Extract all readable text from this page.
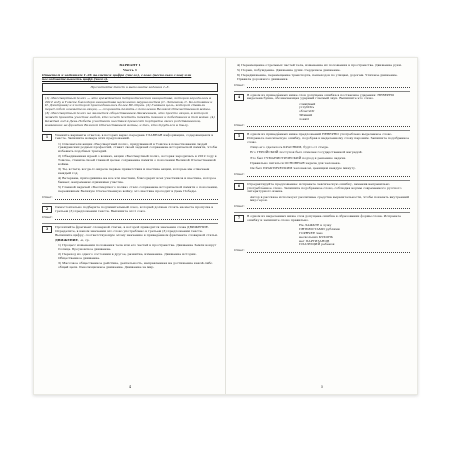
ВАРИАНТ 1

Часть 1

Ответом к заданиям 1–26 является цифра (число), слово (несколько слов) или последовательность цифр (чисел).

Прочитайте текст и выполните задания 1–3.

(1) «Бессмертный полк» — это гражданская патриотическая инициатива, которая зародилась в 2012 году в Томске благодаря инициативе нескольких журналистов (С. Лапенков, С. Колотовкин и И. Дмитриев) и к которой присоединились более 80 стран. (2) Главная цель, которой ставили перед собой основатели акции, — сохранить память о поколении Великой Отечественной войны. (3) «Бессмертный полк» не является общественным движением, это просто акция, в которой может принять участие любой, кто хочет почтить память павших и победивших в той войне. (4) Каждый год в День Победы участники шествия проносят портреты своих родственников, воевавших на фронтах Великой Отечественной войны, и тех, кто трудился в тылу.

1	Укажите варианты ответов, в которых верно передана ГЛАВНАЯ информация, содержащаяся в тексте. Запишите номера этих предложений.

1) Основатели акции «Бессмертный полк», придуманной в Томске в повествовании людей гражданских родных профессий, ставят своей задачей сохранение исторической памяти, чтобы избежать подобных трагедий.

2) Объединенная идеей о воинах, акция «Бессмертный полк», которая зародилась в 2012 году в Томске, ставила своей главной целью сохранение памяти о поколении Великой Отечественной войны.

3) Ты, кстати, когда-то видела первые приветствия и шествие акции, которые мы отмечаем каждый год.

4) Ветераны, приходившие на все эти шествия, благодарят всех участников и шествие, которое бывает, непременно принимая участие.

5) Главной задачей «Бессмертного полка» стало сохранение исторической памяти о поколении, пережившем Великую Отечественную войну; это шествие проходит в День Победы.

Ответ:
2	Самостоятельно подберите подчинительный союз, который должен стоять на месте пропуска в третьем (3) предложении текста. Выпишите этот союз.

Ответ:
3	Прочитайте фрагмент словарной статьи, в которой приводятся значения слова ДВИЖЕНИЕ. Определите, в каком значении это слово употреблено в третьем (3) предложении текста. Выпишите цифру, соответствующую этому значению в приведённом фрагменте словарной статьи.

ДВИЖЕНИЕ, -я, ср.

1) Процесс изменения положения тела или его частей в пространстве. Движение Земли вокруг Солнца. Броуновское движение.

2) Переход из одного состояния в другое, развитие, изменение. Движение истории. Общественное движение.

3) Массовое общественное действие, деятельность, направленная на достижение какой-либо общей цели. Революционное движение. Движение за мир.

4

4) Перемещение отдельных частей тела, изменение их положения в пространстве. Движение руки.

5) Порыв, побуждение. Движение души. Сердечное движение.

6) Передвижение, перемещение транспорта, пешеходов по улицам, дорогам. Уличное движение. Правила дорожного движения.

Ответ:
4	В одном из приведённых ниже слов допущена ошибка в постановке ударения: НЕВЕРНО выделена буква, обозначающая ударный гласный звук. Выпишите это слово.

сливОвый
углубИть
облегчИт
ЗИмний
ловкО
Ответ:
5	В одном из приведённых ниже предложений НЕВЕРНО употреблено выделенное слово. Исправьте лексическую ошибку, подобрав к выделенному слову пароним. Запишите подобранное слово.

Лицо его сделалось КРАСНЫМ, будто от стыда.

Его ГЕРОЙСКИЙ поступок был отмечен государственной наградой.

Это был ГУМАНИСТИЧЕСКИЙ подход к решению задачи.

Правильно питаться ОСНОВНАЯ задача для человека.

Он был ПРАКТИЧЕСКИМ человеком, ценящим каждую минуту.

Ответ:
6	Отредактируйте предложение: исправьте лексическую ошибку, заменив неправильно употреблённое слово. Запишите подобранное слово, соблюдая нормы современного русского литературного языка.

Автор в рассказе использует различные средства выразительности, чтобы показать внутренний мир героя.

Ответ:
7	В одном из выделенных ниже слов допущена ошибка в образовании формы слова. Исправьте ошибку и запишите слово правильно.

Не ЛАЖЬТЕ в лужу
ПЯТЬЮСТАМИ рублями
ГОРЯЧЕЕ чаю
нескольких КУХОНЬ
нет ПАРТИЗАНОВ
ПЛАЧУЩИЙ ребёнок
Ответ:
5
